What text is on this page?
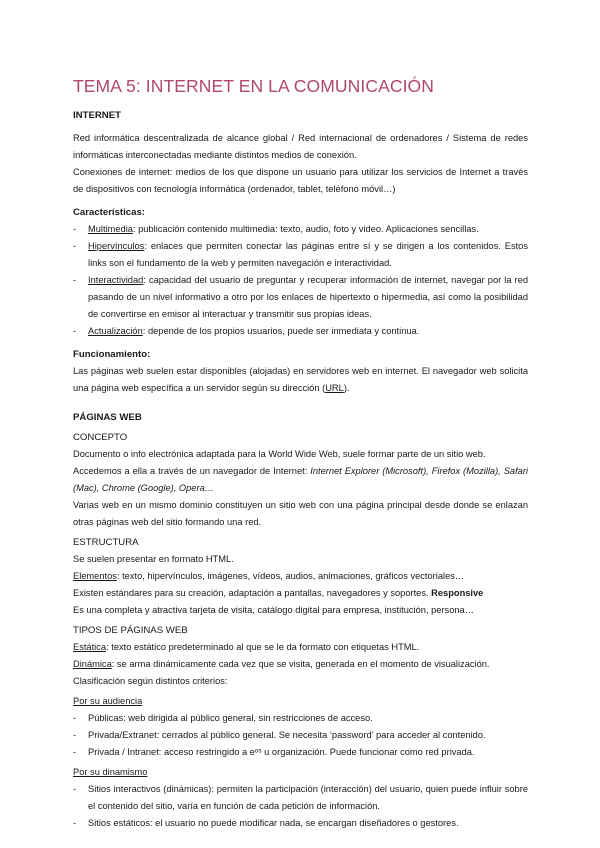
TEMA 5: INTERNET EN LA COMUNICACIÓN

INTERNET

Red informática descentralizada de alcance global / Red internacional de ordenadores / Sistema de redes informáticas interconectadas mediante distintos medios de conexión.

Conexiones de internet: medios de los que dispone un usuario para utilizar los servicios de Internet a través de dispositivos con tecnología informática (ordenador, tablet, teléfono móvil…)

Características:

- Multimedia: publicación contenido multimedia: texto, audio, foto y video. Aplicaciones sencillas.
- Hipervínculos: enlaces que permiten conectar las páginas entre sí y se dirigen a los contenidos. Estos links son el fundamento de la web y permiten navegación e interactividad.
- Interactividad: capacidad del usuario de preguntar y recuperar información de internet, navegar por la red pasando de un nivel informativo a otro por los enlaces de hipertexto o hipermedia, así como la posibilidad de convertirse en emisor al interactuar y transmitir sus propias ideas.
- Actualización: depende de los propios usuarios, puede ser inmediata y continua.

Funcionamiento:

Las páginas web suelen estar disponibles (alojadas) en servidores web en internet. El navegador web solicita una página web específica a un servidor según su dirección (URL).

PÁGINAS WEB

CONCEPTO

Documento o info electrónica adaptada para la World Wide Web, suele formar parte de un sitio web.

Accedemos a ella a través de un navegador de Internet: Internet Explorer (Microsoft), Firefox (Mozilla), Safari (Mac), Chrome (Google), Opera…

Varias web en un mismo dominio constituyen un sitio web con una página principal desde donde se enlazan otras páginas web del sitio formando una red.

ESTRUCTURA

Se suelen presentar en formato HTML.

Elementos: texto, hipervínculos, imágenes, vídeos, audios, animaciones, gráficos vectoriales…

Existen estándares para su creación, adaptación a pantallas, navegadores y soportes. Responsive

Es una completa y atractiva tarjeta de visita, catálogo digital para empresa, institución, persona…

TIPOS DE PÁGINAS WEB

Estática: texto estático predeterminado al que se le da formato con etiquetas HTML.

Dinámica: se arma dinámicamente cada vez que se visita, generada en el momento de visualización.

Clasificación según distintos criterios:

Por su audiencia

- Públicas: web dirigida al público general, sin restricciones de acceso.
- Privada/Extranet: cerrados al público general. Se necesita ‘password’ para acceder al contenido.
- Privada / Intranet: acceso restringido a eᵒˢ u organización. Puede funcionar como red privada.

Por su dinamismo

- Sitios interactivos (dinámicas): permiten la participación (interacción) del usuario, quien puede influir sobre el contenido del sitio, varía en función de cada petición de información.
- Sitios estáticos: el usuario no puede modificar nada, se encargan diseñadores o gestores.
